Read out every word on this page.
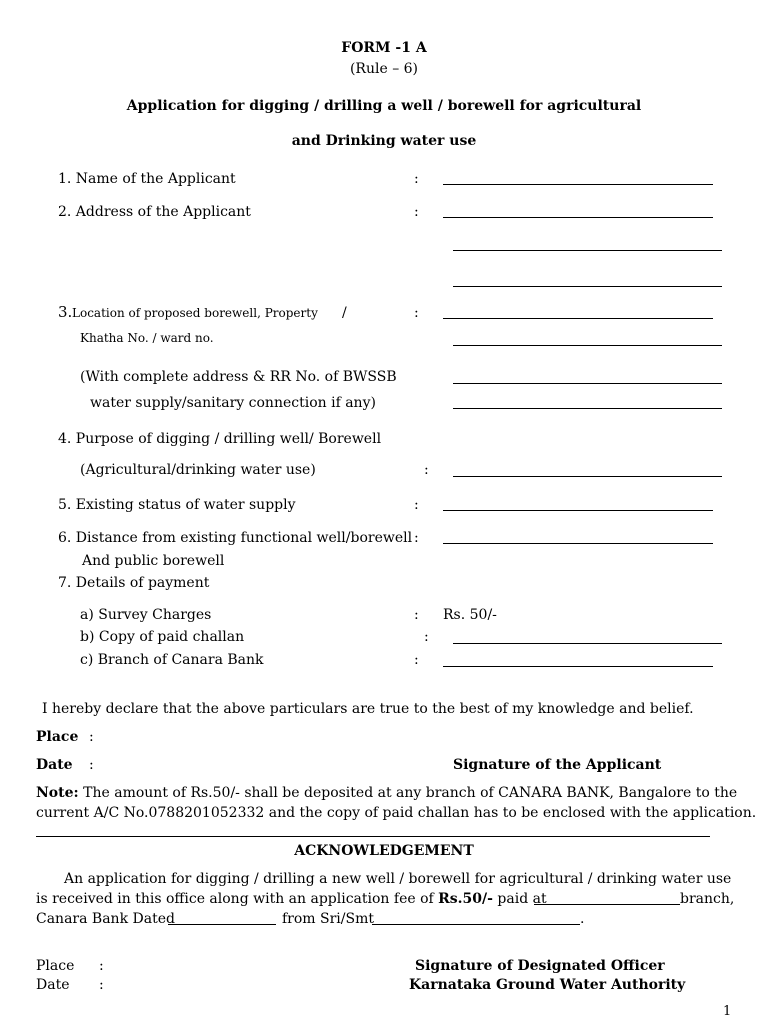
FORM -1 A
(Rule – 6)
Application for digging / drilling a well / borewell for agricultural
and Drinking water use
1. Name of the Applicant	:
2. Address of the Applicant	:
3. Location of proposed borewell, Property /	:
Khatha No. / ward no.
(With complete address & RR No. of BWSSB
water supply/sanitary connection if any)
4. Purpose of digging / drilling well/ Borewell
(Agricultural/drinking water use)	:
5. Existing status of water supply	:
6. Distance from existing functional well/borewell :
And public borewell
7. Details of payment
a) Survey Charges	: Rs. 50/-
b) Copy of paid challan	:
c) Branch of Canara Bank	:
I hereby declare that the above particulars are true to the best of my knowledge and belief.
Place :
Date :	Signature of the Applicant
Note: The amount of Rs.50/- shall be deposited at any branch of CANARA BANK, Bangalore to the
current A/C No.0788201052332 and the copy of paid challan has to be enclosed with the application.
ACKNOWLEDGEMENT
An application for digging / drilling a new well / borewell for agricultural / drinking water use
is received in this office along with an application fee of Rs.50/- paid at	branch,
Canara Bank Dated	from Sri/Smt	.
Place :	Signature of Designated Officer
Date :	Karnataka Ground Water Authority
1
